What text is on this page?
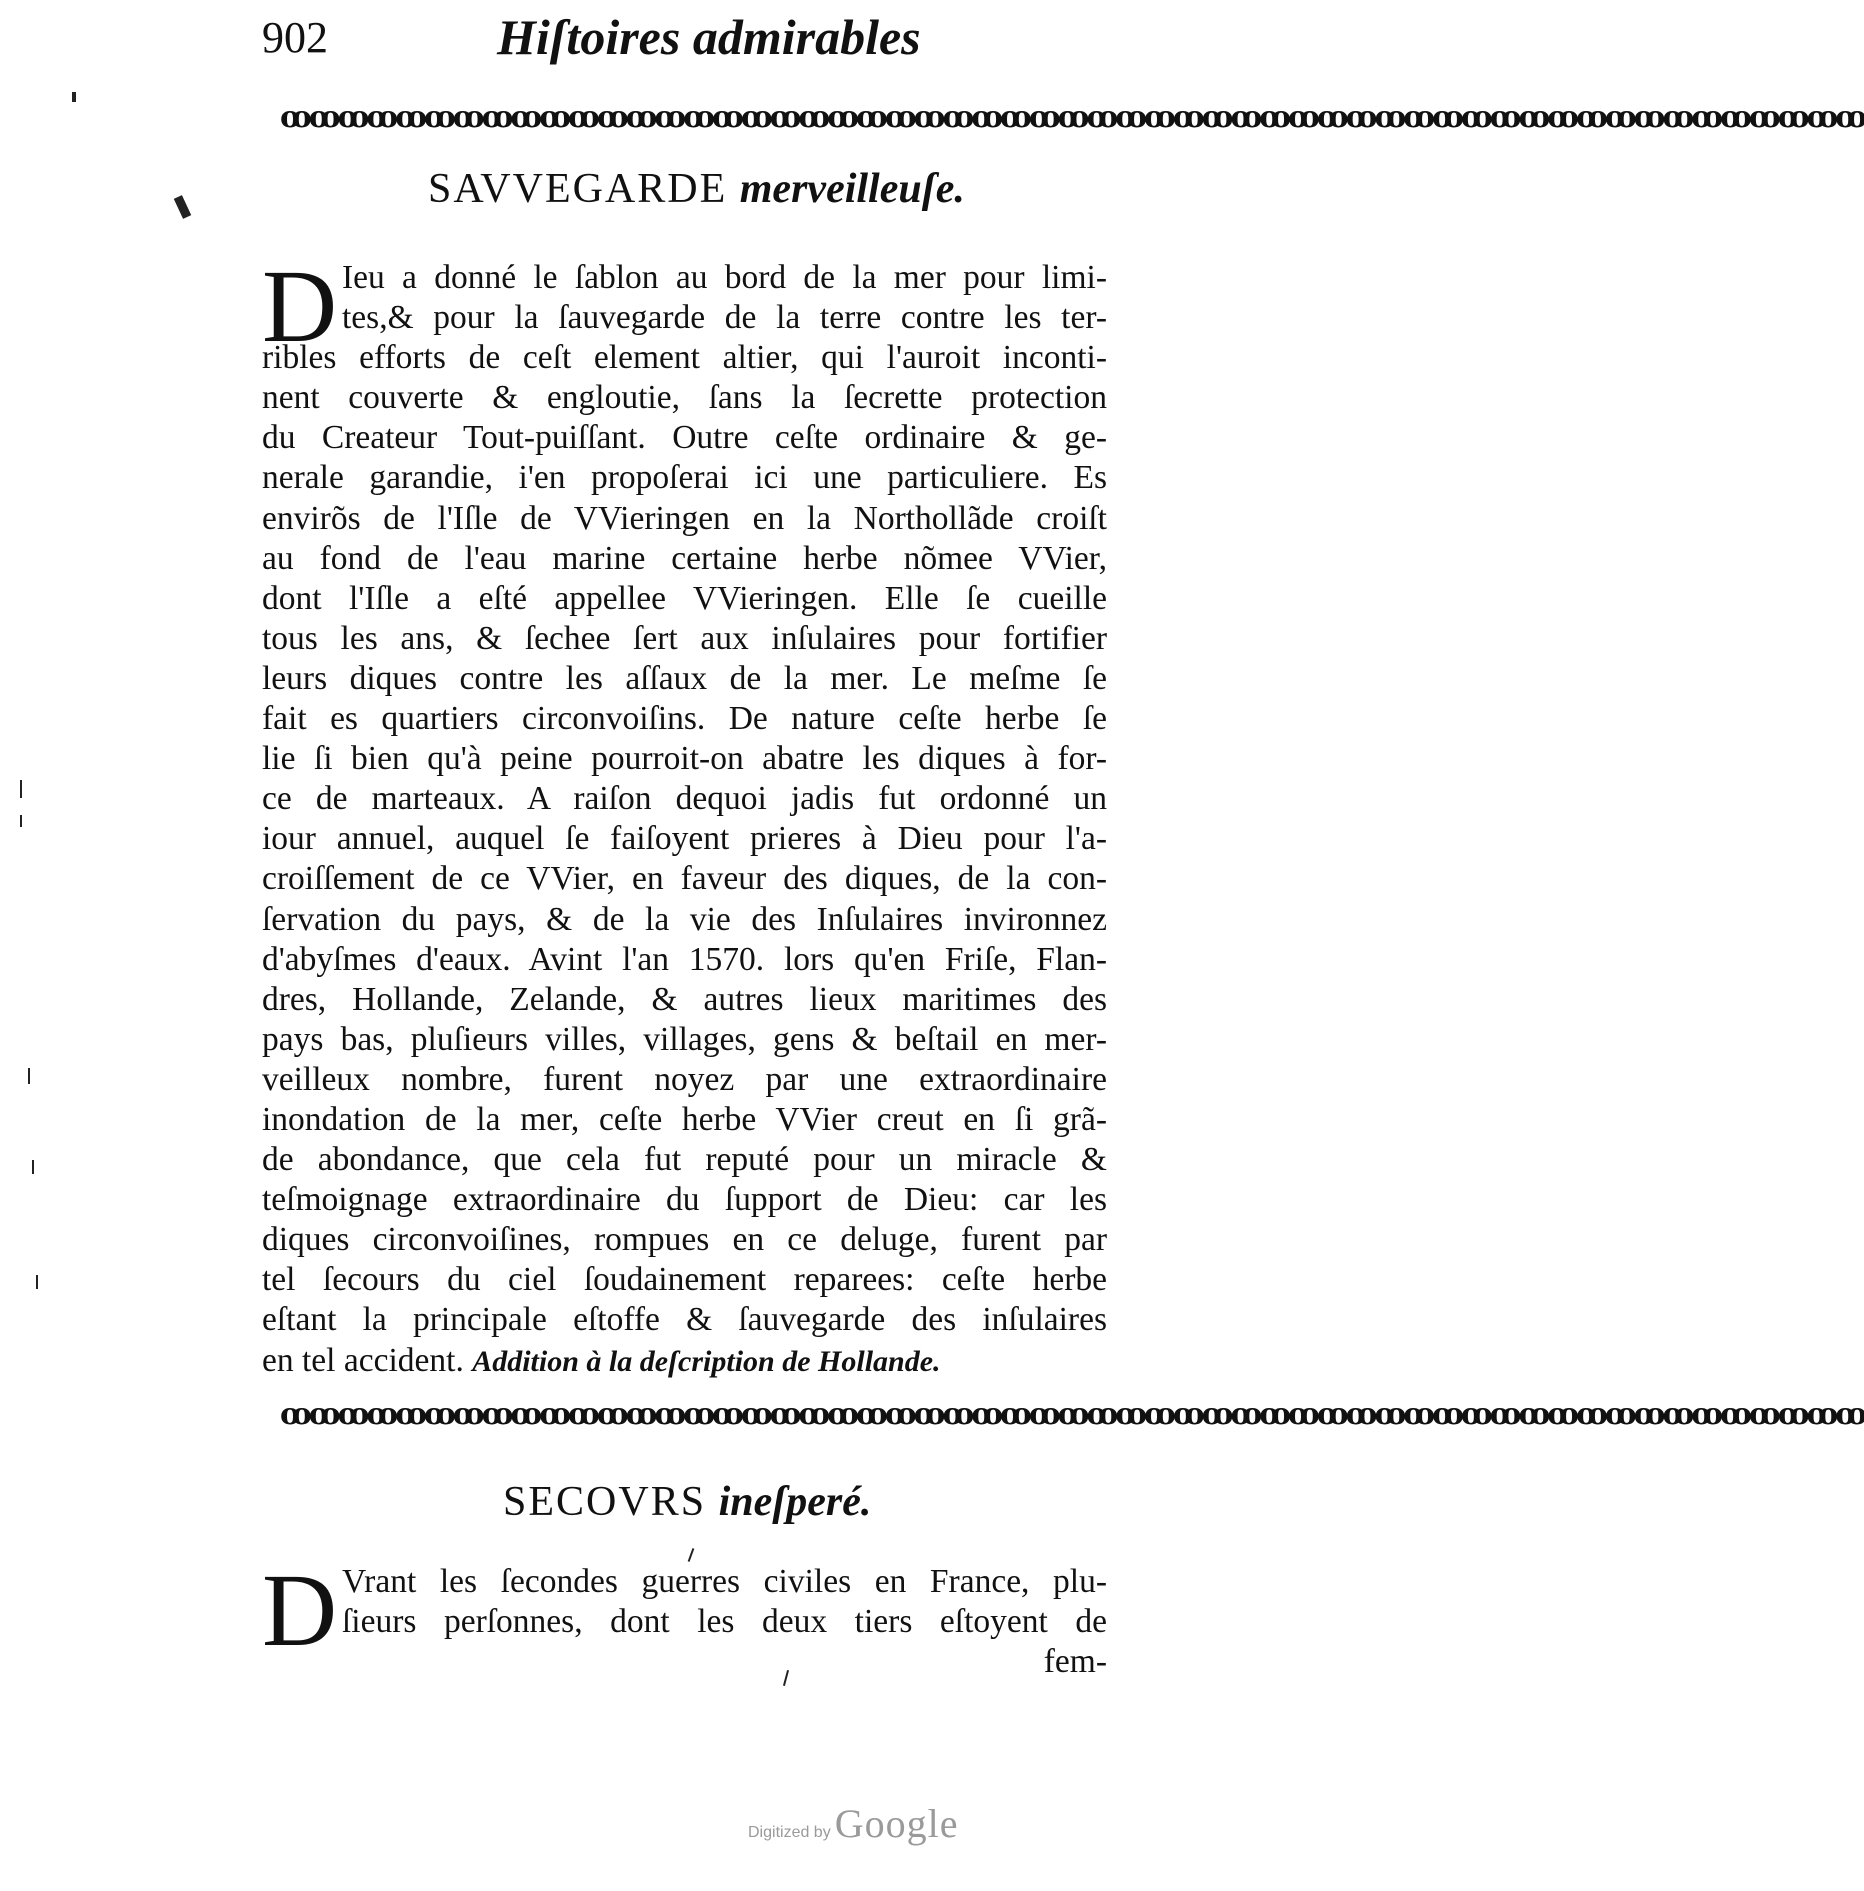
902	Hiſtoires admirables
ꝏꝏꝏꝏꝏꝏꝏꝏꝏꝏꝏꝏꝏꝏꝏꝏꝏꝏꝏꝏꝏꝏꝏꝏꝏꝏꝏꝏꝏꝏꝏꝏꝏꝏꝏꝏꝏꝏꝏꝏꝏꝏꝏꝏꝏꝏꝏꝏꝏꝏꝏꝏꝏꝏꝏ
SAVVEGARDE merveilleuſe.
D Ieu a donné le ſablon au bord de la mer pour limi-
tes,& pour la ſauvegarde de la terre contre les ter-
ribles efforts de ceſt element altier, qui l'auroit inconti-
nent couverte & engloutie, ſans la ſecrette protection
du Createur Tout-puiſſant. Outre ceſte ordinaire & ge-
nerale garandie, i'en propoſerai ici une particuliere. Es
envirõs de l'Iſle de VVieringen en la Northollãde croiſt
au fond de l'eau marine certaine herbe nõmee VVier,
dont l'Iſle a eſté appellee VVieringen. Elle ſe cueille
tous les ans, & ſechee ſert aux inſulaires pour fortifier
leurs diques contre les aſſaux de la mer. Le meſme ſe
fait es quartiers circonvoiſins. De nature ceſte herbe ſe
lie ſi bien qu'à peine pourroit-on abatre les diques à for-
ce de marteaux. A raiſon dequoi jadis fut ordonné un
iour annuel, auquel ſe faiſoyent prieres à Dieu pour l'a-
croiſſement de ce VVier, en faveur des diques, de la con-
ſervation du pays, & de la vie des Inſulaires invironnez
d'abyſmes d'eaux. Avint l'an 1570. lors qu'en Friſe, Flan-
dres, Hollande, Zelande, & autres lieux maritimes des
pays bas, pluſieurs villes, villages, gens & beſtail en mer-
veilleux nombre, furent noyez par une extraordinaire
inondation de la mer, ceſte herbe VVier creut en ſi grã-
de abondance, que cela fut reputé pour un miracle &
teſmoignage extraordinaire du ſupport de Dieu: car les
diques circonvoiſines, rompues en ce deluge, furent par
tel ſecours du ciel ſoudainement reparees: ceſte herbe
eſtant la principale eſtoffe & ſauvegarde des inſulaires
en tel accident. Addition à la deſcription de Hollande.
ꝏꝏꝏꝏꝏꝏꝏꝏꝏꝏꝏꝏꝏꝏꝏꝏꝏꝏꝏꝏꝏꝏꝏꝏꝏꝏꝏꝏꝏꝏꝏꝏꝏꝏꝏꝏꝏꝏꝏꝏꝏꝏꝏꝏꝏꝏꝏꝏꝏꝏꝏꝏꝏꝏꝏ
SECOVRS ineſperé.
D Vrant les ſecondes guerres civiles en France, plu-
ſieurs perſonnes, dont les deux tiers eſtoyent de
fem-
Digitized by Google
